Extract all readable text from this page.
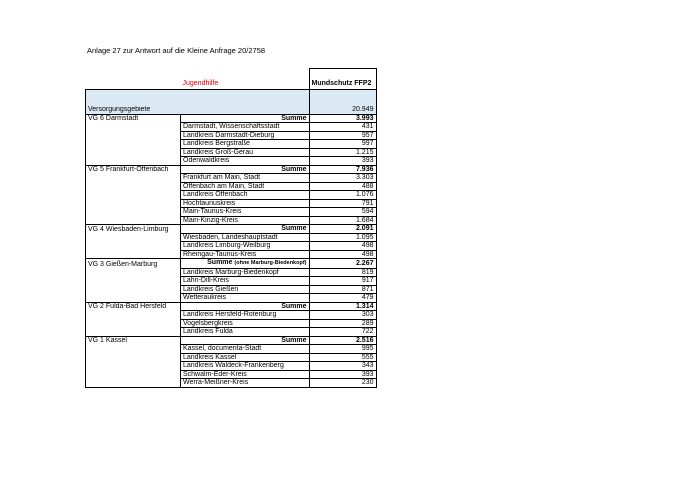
Anlage 27 zur Antwort auf die Kleine Anfrage 20/2758

	Jugendhilfe	Mundschutz FFP2

Versorgungsgebiete		20.949
VG 6 Darmstadt	Summe	3.993
	Darmstadt, Wissenschaftsstadt	431
	Landkreis Darmstadt-Dieburg	957
	Landkreis Bergstraße	997
	Landkreis Groß-Gerau	1.215
	Odenwaldkreis	393
VG 5 Frankfurt-Offenbach	Summe	7.936
	Frankfurt am Main, Stadt	3.303
	Offenbach am Main, Stadt	488
	Landkreis Offenbach	1.076
	Hochtaunuskreis	791
	Main-Taunus-Kreis	594
	Main-Kinzig-Kreis	1.684
VG 4 Wiesbaden-Limburg	Summe	2.091
	Wiesbaden, Landeshauptstadt	1.095
	Landkreis Limburg-Weilburg	498
	Rheingau-Taunus-Kreis	498
VG 3 Gießen-Marburg	Summe (ohne Marburg-Biedenkopf)	2.267
	Landkreis Marburg-Biedenkopf	819
	Lahn-Dill-Kreis	917
	Landkreis Gießen	871
	Wetteraukreis	479
VG 2 Fulda-Bad Hersfeld	Summe	1.314
	Landkreis Hersfeld-Rotenburg	303
	Vogelsbergkreis	289
	Landkreis Fulda	722
VG 1 Kassel	Summe	2.516
	Kassel, documenta-Stadt	995
	Landkreis Kassel	555
	Landkreis Waldeck-Frankenberg	343
	Schwalm-Eder-Kreis	393
	Werra-Meißner-Kreis	230
